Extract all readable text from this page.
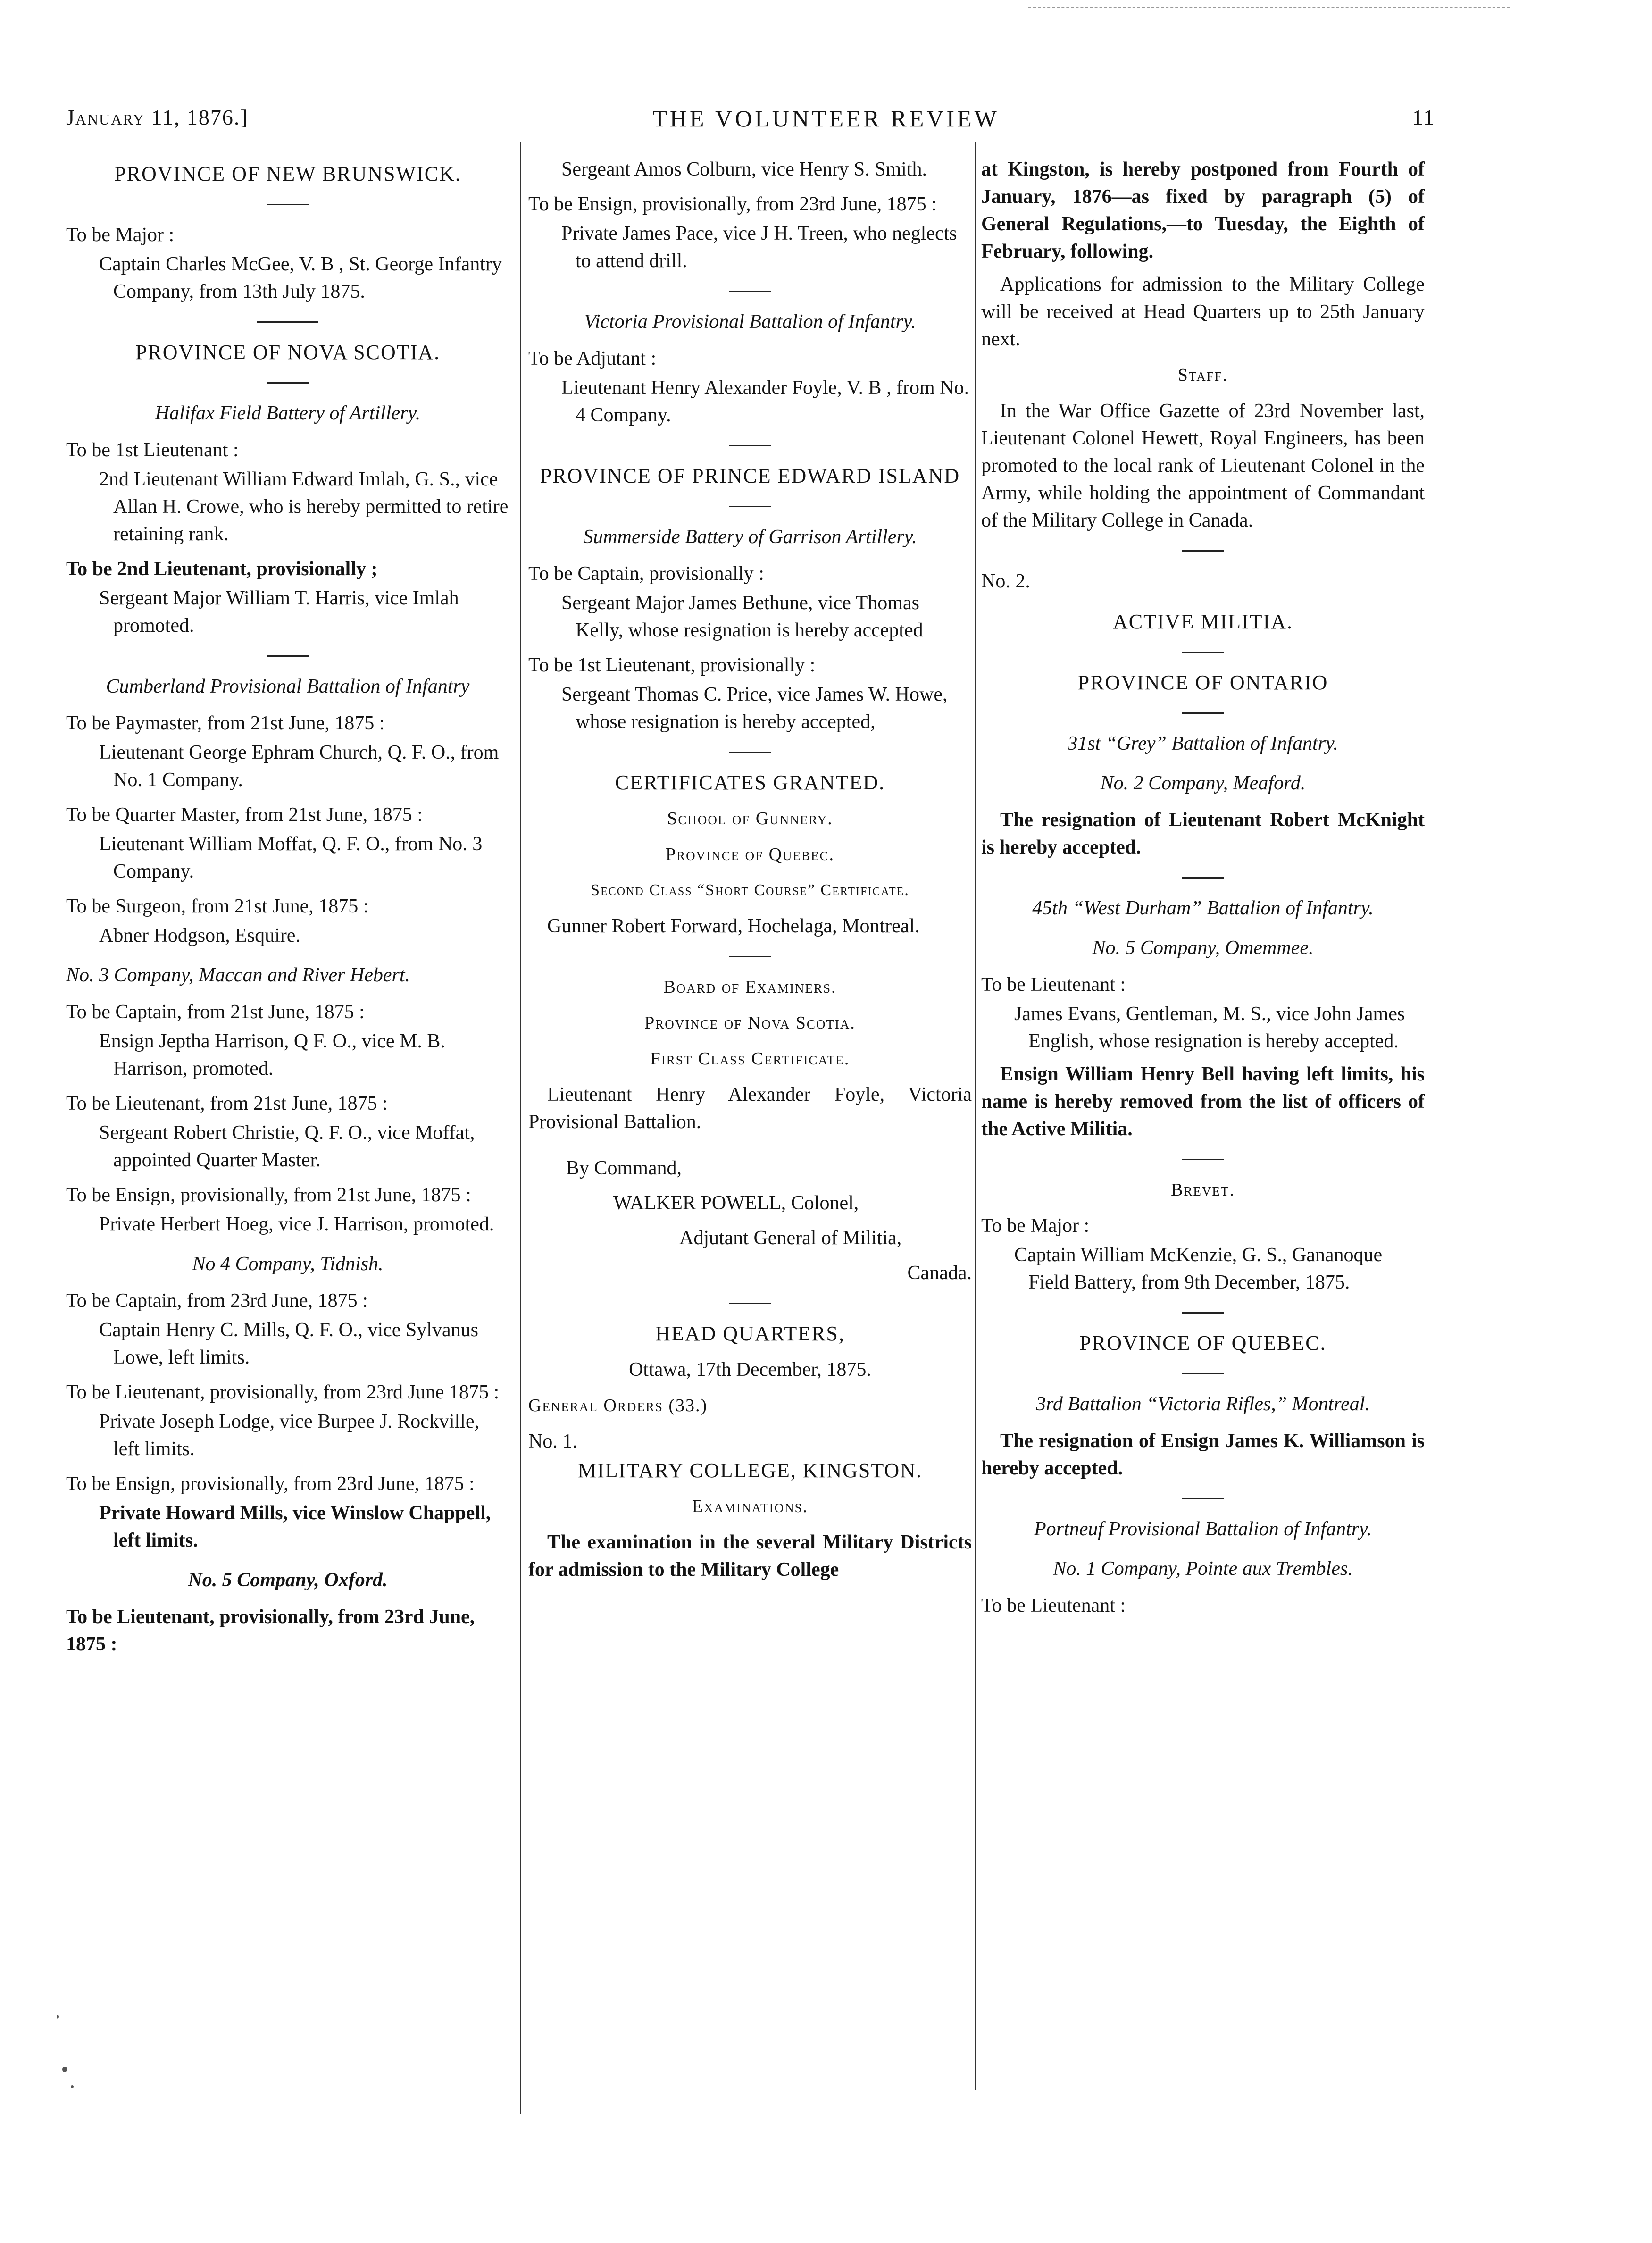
January 11, 1876.]	THE VOLUNTEER REVIEW	11
PROVINCE OF NEW BRUNSWICK.
To be Major :
Captain Charles McGee, V. B , St. George Infantry Company, from 13th July 1875.
PROVINCE OF NOVA SCOTIA.
Halifax Field Battery of Artillery.
To be 1st Lieutenant :
2nd Lieutenant William Edward Imlah, G. S., vice Allan H. Crowe, who is hereby permitted to retire retaining rank.
To be 2nd Lieutenant, provisionally ;
Sergeant Major William T. Harris, vice Imlah promoted.
Cumberland Provisional Battalion of Infantry
To be Paymaster, from 21st June, 1875 :
Lieutenant George Ephram Church, Q. F. O., from No. 1 Company.
To be Quarter Master, from 21st June, 1875 :
Lieutenant William Moffat, Q. F. O., from No. 3 Company.
To be Surgeon, from 21st June, 1875 :
Abner Hodgson, Esquire.
No. 3 Company, Maccan and River Hebert.
To be Captain, from 21st June, 1875 :
Ensign Jeptha Harrison, Q F. O., vice M. B. Harrison, promoted.
To be Lieutenant, from 21st June, 1875 :
Sergeant Robert Christie, Q. F. O., vice Moffat, appointed Quarter Master.
To be Ensign, provisionally, from 21st June, 1875 :
Private Herbert Hoeg, vice J. Harrison, promoted.
No 4 Company, Tidnish.
To be Captain, from 23rd June, 1875 :
Captain Henry C. Mills, Q. F. O., vice Sylvanus Lowe, left limits.
To be Lieutenant, provisionally, from 23rd June 1875 :
Private Joseph Lodge, vice Burpee J. Rockville, left limits.
To be Ensign, provisionally, from 23rd June, 1875 :
Private Howard Mills, vice Winslow Chappell, left limits.
No. 5 Company, Oxford.
To be Lieutenant, provisionally, from 23rd June, 1875 :
Sergeant Amos Colburn, vice Henry S. Smith.
To be Ensign, provisionally, from 23rd June, 1875 :
Private James Pace, vice J H. Treen, who neglects to attend drill.
Victoria Provisional Battalion of Infantry.
To be Adjutant :
Lieutenant Henry Alexander Foyle, V. B , from No. 4 Company.
PROVINCE OF PRINCE EDWARD ISLAND
Summerside Battery of Garrison Artillery.
To be Captain, provisionally :
Sergeant Major James Bethune, vice Thomas Kelly, whose resignation is hereby accepted
To be 1st Lieutenant, provisionally :
Sergeant Thomas C. Price, vice James W. Howe, whose resignation is hereby accepted,
CERTIFICATES GRANTED.
School of Gunnery.
Province of Quebec.
Second Class “Short Course” Certificate.
Gunner Robert Forward, Hochelaga, Montreal.
Board of Examiners.
Province of Nova Scotia.
First Class Certificate.
Lieutenant Henry Alexander Foyle, Victoria Provisional Battalion.
By Command,
WALKER POWELL, Colonel,
Adjutant General of Militia,
Canada.
HEAD QUARTERS,
Ottawa, 17th December, 1875.
General Orders (33.)
No. 1.
MILITARY COLLEGE, KINGSTON.
Examinations.
The examination in the several Military Districts for admission to the Military College
at Kingston, is hereby postponed from Fourth of January, 1876—as fixed by paragraph (5) of General Regulations,—to Tuesday, the Eighth of February, following.
Applications for admission to the Military College will be received at Head Quarters up to 25th January next.
Staff.
In the War Office Gazette of 23rd November last, Lieutenant Colonel Hewett, Royal Engineers, has been promoted to the local rank of Lieutenant Colonel in the Army, while holding the appointment of Commandant of the Military College in Canada.
No. 2.
ACTIVE MILITIA.
PROVINCE OF ONTARIO
31st “Grey” Battalion of Infantry.
No. 2 Company, Meaford.
The resignation of Lieutenant Robert McKnight is hereby accepted.
45th “West Durham” Battalion of Infantry.
No. 5 Company, Omemmee.
To be Lieutenant :
James Evans, Gentleman, M. S., vice John James English, whose resignation is hereby accepted.
Ensign William Henry Bell having left limits, his name is hereby removed from the list of officers of the Active Militia.
Brevet.
To be Major :
Captain William McKenzie, G. S., Gananoque Field Battery, from 9th December, 1875.
PROVINCE OF QUEBEC.
3rd Battalion “Victoria Rifles,” Montreal.
The resignation of Ensign James K. Williamson is hereby accepted.
Portneuf Provisional Battalion of Infantry.
No. 1 Company, Pointe aux Trembles.
To be Lieutenant :
